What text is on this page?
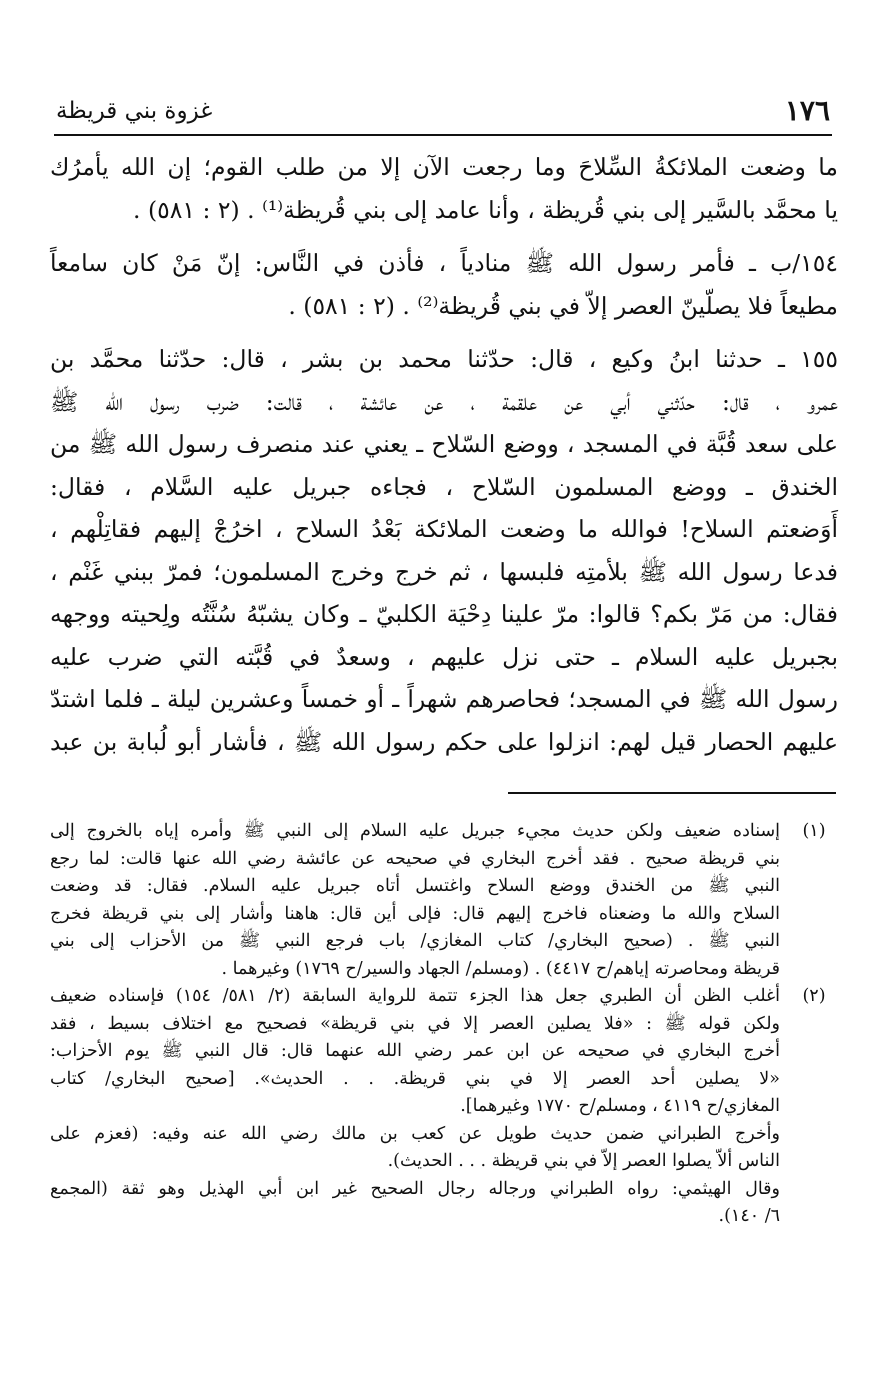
١٧٦
غزوة بني قريظة

ما وضعت الملائكةُ السِّلاحَ وما رجعت الآن إلا من طلب القوم؛ إن الله يأمرُك
يا محمَّد بالسَّير إلى بني قُريظة ، وأنا عامد إلى بني قُريظة⁽¹⁾ . (٢ : ٥٨١) .

١٥٤/ب ـ فأمر رسول الله ﷺ منادياً ، فأذن في النَّاس: إنّ مَنْ كان سامعاً
مطيعاً فلا يصلّينّ العصر إلاّ في بني قُريظة⁽²⁾ . (٢ : ٥٨١) .

١٥٥ ـ حدثنا ابنُ وكيع ، قال: حدّثنا محمد بن بشر ، قال: حدّثنا محمَّد بن
عمرو ، قال: حدّثني أبي عن علقمة ، عن عائشة ، قالت: ضرب رسول الله ﷺ
على سعد قُبَّة في المسجد ، ووضع السّلاح ـ يعني عند منصرف رسول الله ﷺ من
الخندق ـ ووضع المسلمون السّلاح ، فجاءه جبريل عليه السَّلام ، فقال:
أَوَضعتم السلاح! فوالله ما وضعت الملائكة بَعْدُ السلاح ، اخرُجْ إليهم فقاتِلْهم ،
فدعا رسول الله ﷺ بلأمتِه فلبسها ، ثم خرج وخرج المسلمون؛ فمرّ ببني غَنْم ،
فقال: من مَرّ بكم؟ قالوا: مرّ علينا دِحْيَة الكلبيّ ـ وكان يشبّهُ سُنَّتُه ولِحيته ووجهه
بجبريل عليه السلام ـ حتى نزل عليهم ، وسعدٌ في قُبَّته التي ضرب عليه
رسول الله ﷺ في المسجد؛ فحاصرهم شهراً ـ أو خمساً وعشرين ليلة ـ فلما اشتدّ
عليهم الحصار قيل لهم: انزلوا على حكم رسول الله ﷺ ، فأشار أبو لُبابة بن عبد

(١)
إسناده ضعيف ولكن حديث مجيء جبريل عليه السلام إلى النبي ﷺ وأمره إياه بالخروج إلى
بني قريظة صحيح . فقد أخرج البخاري في صحيحه عن عائشة رضي الله عنها قالت: لما رجع
النبي ﷺ من الخندق ووضع السلاح واغتسل أتاه جبريل عليه السلام. فقال: قد وضعت
السلاح والله ما وضعناه فاخرج إليهم قال: فإلى أين قال: هاهنا وأشار إلى بني قريظة فخرج
النبي ﷺ . (صحيح البخاري/ كتاب المغازي/ باب فرجع النبي ﷺ من الأحزاب إلى بني
قريظة ومحاصرته إياهم/ح ٤٤١٧) . (ومسلم/ الجهاد والسير/ح ١٧٦٩) وغيرهما .
(٢)
أغلب الظن أن الطبري جعل هذا الجزء تتمة للرواية السابقة (٢/ ٥٨١/ ١٥٤) فإسناده ضعيف
ولكن قوله ﷺ : «فلا يصلين العصر إلا في بني قريظة» فصحيح مع اختلاف بسيط ، فقد
أخرج البخاري في صحيحه عن ابن عمر رضي الله عنهما قال: قال النبي ﷺ يوم الأحزاب:
«لا يصلين أحد العصر إلا في بني قريظة. . . الحديث». [صحيح البخاري/ كتاب
المغازي/ح ٤١١٩ ، ومسلم/ح ١٧٧٠ وغيرهما].
وأخرج الطبراني ضمن حديث طويل عن كعب بن مالك رضي الله عنه وفيه: (فعزم على
الناس ألاّ يصلوا العصر إلاّ في بني قريظة . . . الحديث).
وقال الهيثمي: رواه الطبراني ورجاله رجال الصحيح غير ابن أبي الهذيل وهو ثقة (المجمع
٦/ ١٤٠).
